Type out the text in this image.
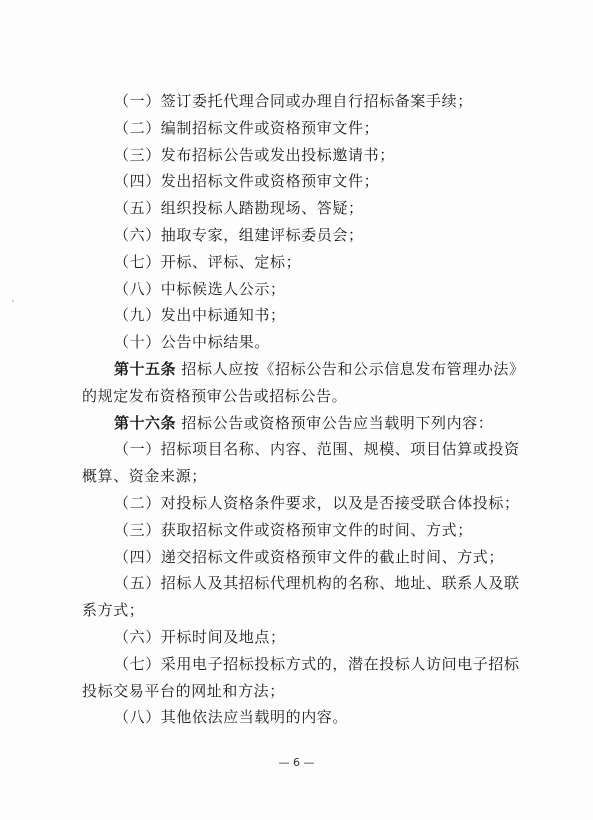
（一）签订委托代理合同或办理自行招标备案手续；
（二）编制招标文件或资格预审文件；
（三）发布招标公告或发出投标邀请书；
（四）发出招标文件或资格预审文件；
（五）组织投标人踏勘现场、答疑；
（六）抽取专家，组建评标委员会；
（七）开标、评标、定标；
（八）中标候选人公示；
（九）发出中标通知书；
（十）公告中标结果。
第十五条 招标人应按《招标公告和公示信息发布管理办法》
的规定发布资格预审公告或招标公告。
第十六条 招标公告或资格预审公告应当载明下列内容：
（一）招标项目名称、内容、范围、规模、项目估算或投资
概算、资金来源；
（二）对投标人资格条件要求，以及是否接受联合体投标；
（三）获取招标文件或资格预审文件的时间、方式；
（四）递交招标文件或资格预审文件的截止时间、方式；
（五）招标人及其招标代理机构的名称、地址、联系人及联
系方式；
（六）开标时间及地点；
（七）采用电子招标投标方式的，潜在投标人访问电子招标
投标交易平台的网址和方法；
（八）其他依法应当载明的内容。
— 6 —
